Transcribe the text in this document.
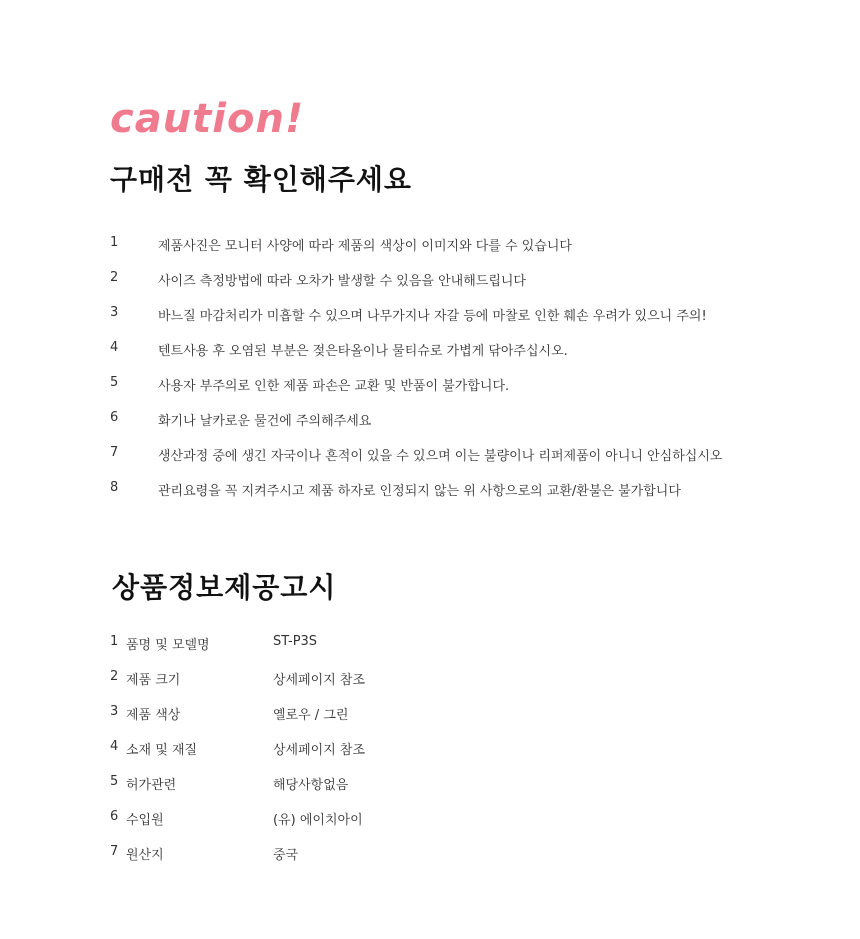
caution!
구매전 꼭 확인해주세요
1	제품사진은 모니터 사양에 따라 제품의 색상이 이미지와 다를 수 있습니다
2	사이즈 측정방법에 따라 오차가 발생할 수 있음을 안내해드립니다
3	바느질 마감처리가 미흡할 수 있으며 나무가지나 자갈 등에 마찰로 인한 훼손 우려가 있으니 주의!
4	텐트사용 후 오염된 부분은 젖은타올이나 물티슈로 가볍게 닦아주십시오.
5	사용자 부주의로 인한 제품 파손은 교환 및 반품이 불가합니다.
6	화기나 날카로운 물건에 주의해주세요
7	생산과정 중에 생긴 자국이나 흔적이 있을 수 있으며 이는 불량이나 리퍼제품이 아니니 안심하십시오
8	관리요령을 꼭 지켜주시고 제품 하자로 인정되지 않는 위 사항으로의 교환/환불은 불가합니다
상품정보제공고시
1 품명 및 모델명	ST-P3S
2 제품 크기	상세페이지 참조
3 제품 색상	옐로우 / 그린
4 소재 및 재질	상세페이지 참조
5 허가관련	해당사항없음
6 수입원	(유) 에이치아이
7 원산지	중국
